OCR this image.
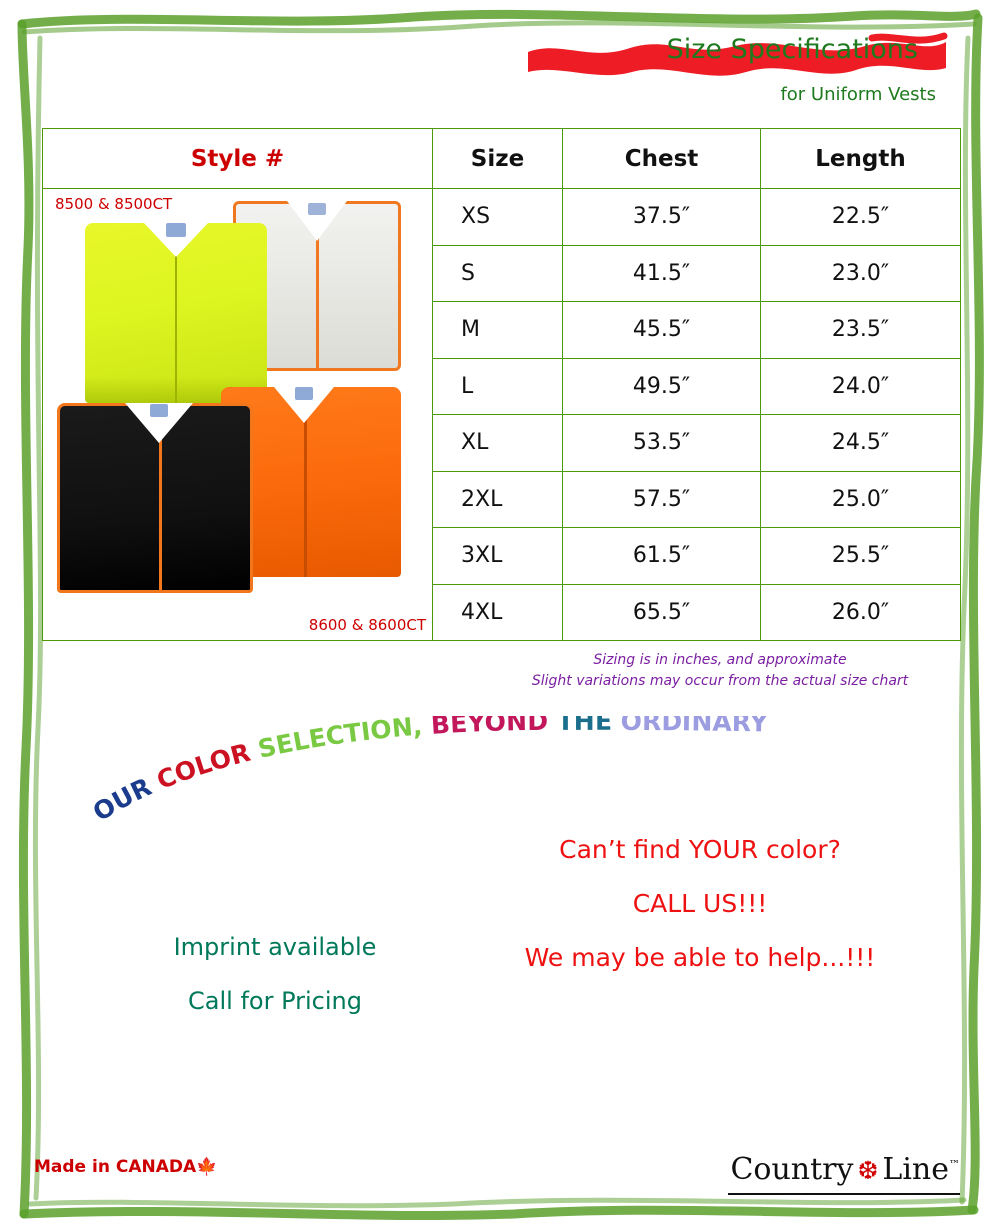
Size Specifications
for Uniform Vests
Style #	Size	Chest	Length

8500 & 8500CT
8600 & 8600CT	XS	37.5″	22.5″
	S	41.5″	23.0″
	M	45.5″	23.5″
	L	49.5″	24.0″
	XL	53.5″	24.5″
	2XL	57.5″	25.0″
	3XL	61.5″	25.5″
	4XL	65.5″	26.0″
Sizing is in inches, and approximate
Slight variations may occur from the actual size chart
OUR COLOR SELECTION, BEYOND THE ORDINARY
Imprint available
Call for Pricing
Can’t find YOUR color?
CALL US!!!
We may be able to help...!!!
Made in CANADA🍁	Country ❆ Line™
